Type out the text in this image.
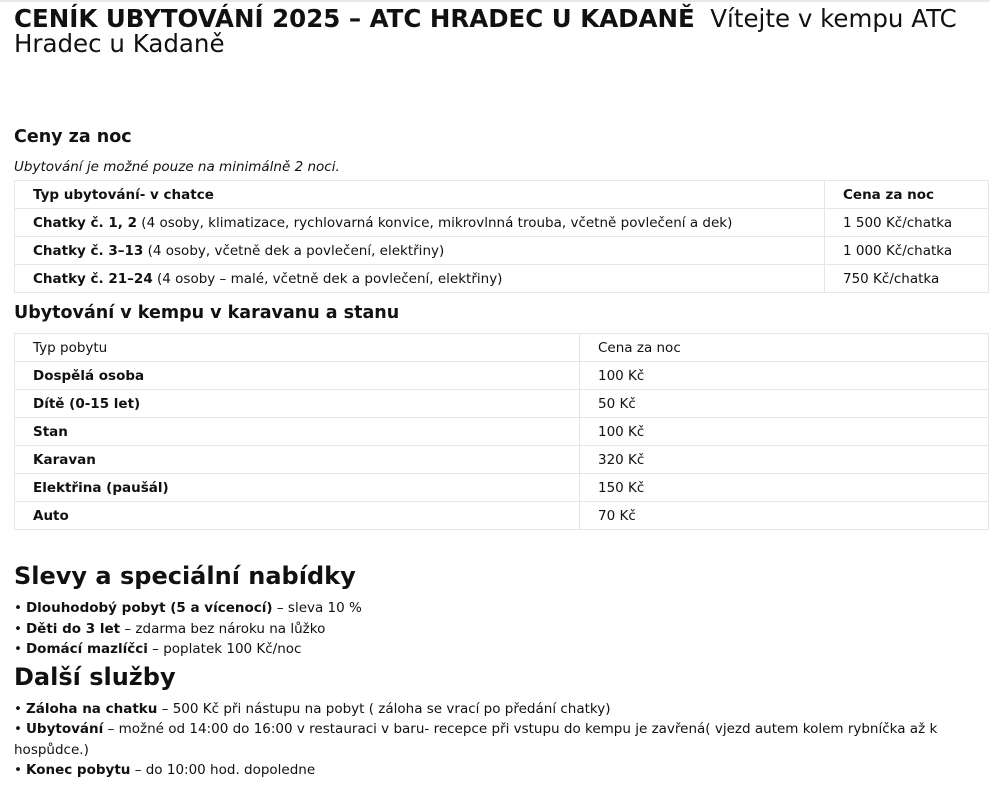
CENÍK UBYTOVÁNÍ 2025 – ATC HRADEC U KADANĚ Vítejte v kempu ATC Hradec u Kadaně
Ceny za noc

Ubytování je možné pouze na minimálně 2 noci.

Typ ubytování- v chatce	Cena za noc
Chatky č. 1, 2 (4 osoby, klimatizace, rychlovarná konvice, mikrovlnná trouba, včetně povlečení a dek)	1 500 Kč/chatka
Chatky č. 3–13 (4 osoby, včetně dek a povlečení, elektřiny)	1 000 Kč/chatka
Chatky č. 21–24 (4 osoby – malé, včetně dek a povlečení, elektřiny)	750 Kč/chatka
Ubytování v kempu v karavanu a stanu
Typ pobytu	Cena za noc
Dospělá osoba	100 Kč
Dítě (0-15 let)	50 Kč
Stan	100 Kč
Karavan	320 Kč
Elektřina (paušál)	150 Kč
Auto	70 Kč
Slevy a speciální nabídky
• Dlouhodobý pobyt (5 a vícenocí) – sleva 10 %
• Děti do 3 let – zdarma bez nároku na lůžko
• Domácí mazlíčci – poplatek 100 Kč/noc
Další služby
• Záloha na chatku – 500 Kč při nástupu na pobyt ( záloha se vrací po předání chatky)
• Ubytování – možné od 14:00 do 16:00 v restauraci v baru- recepce při vstupu do kempu je zavřená( vjezd autem kolem rybníčka až k hospůdce.)
• Konec pobytu – do 10:00 hod. dopoledne
